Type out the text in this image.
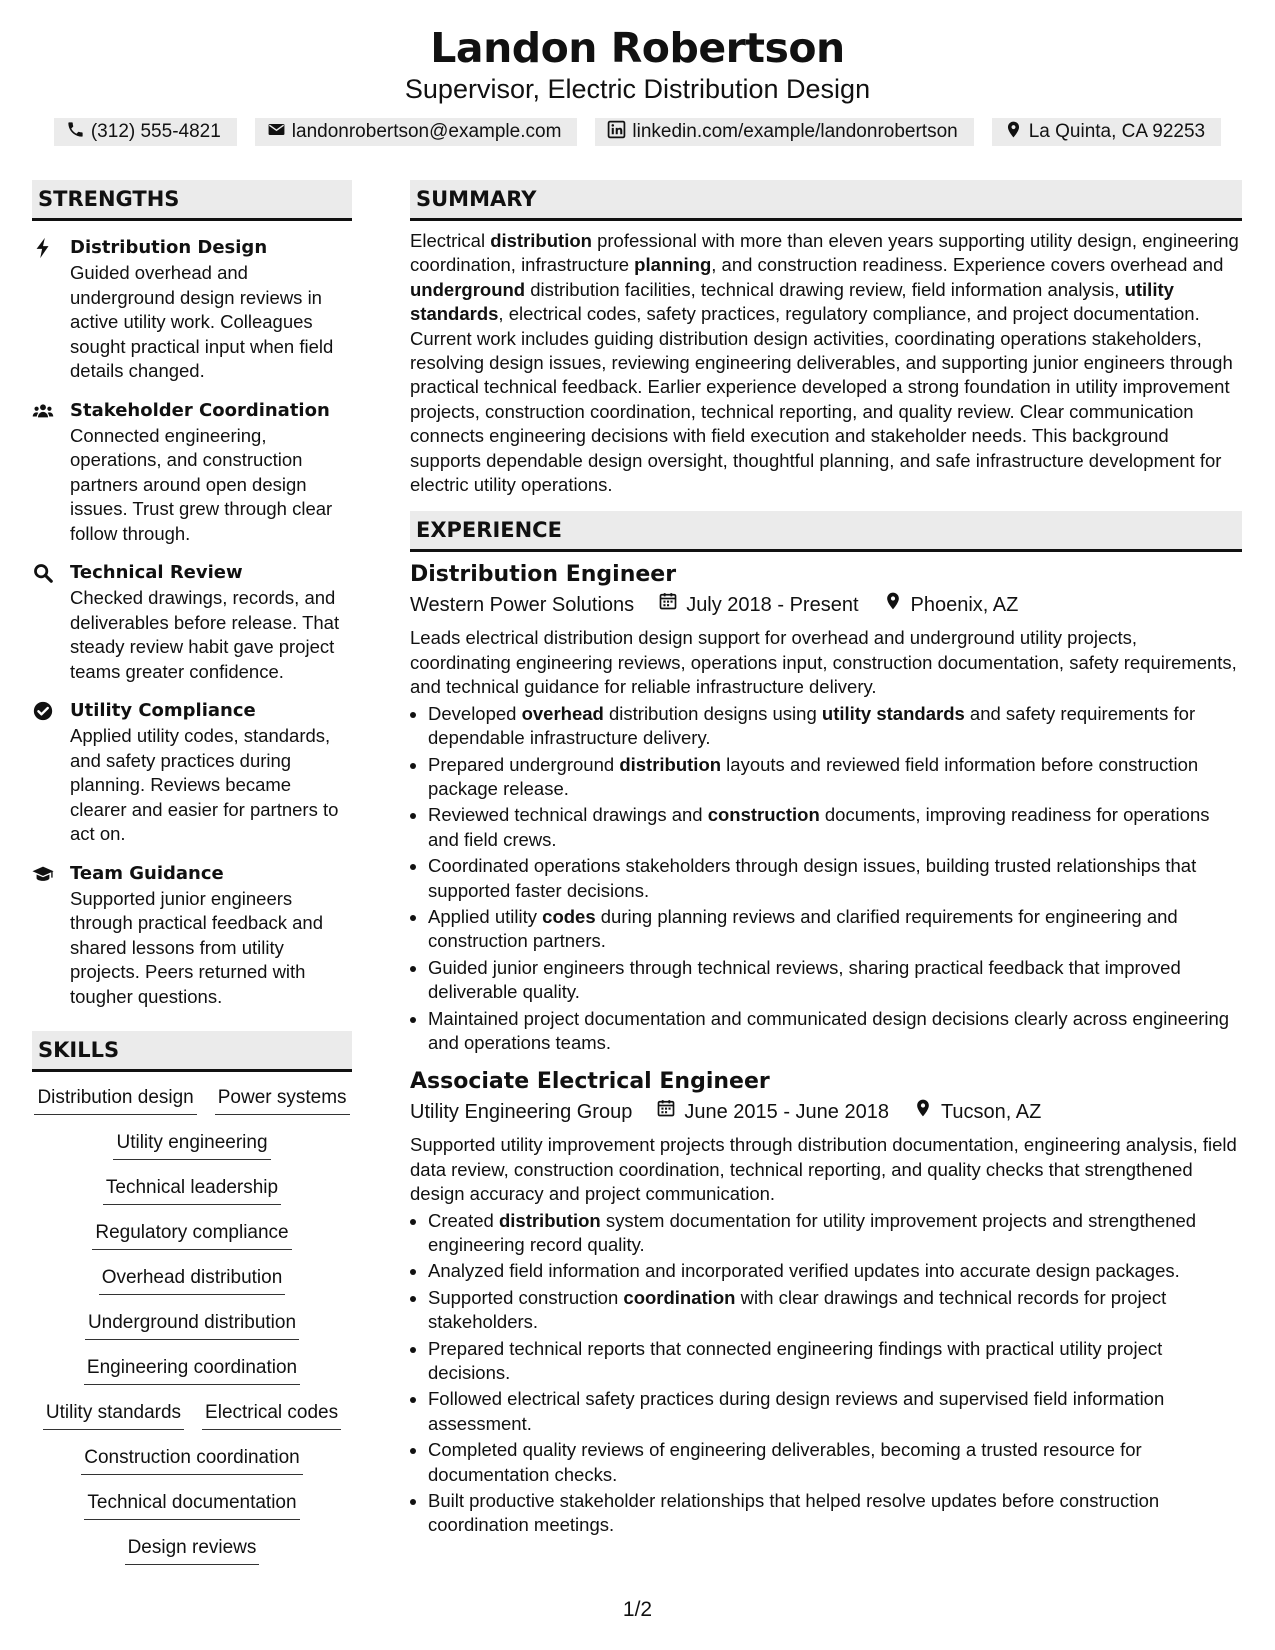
Landon Robertson
Supervisor, Electric Distribution Design
(312) 555-4821	landonrobertson@example.com	linkedin.com/example/landonrobertson	La Quinta, CA 92253
STRENGTHS
Distribution Design
Guided overhead and underground design reviews in active utility work. Colleagues sought practical input when field details changed.
Stakeholder Coordination
Connected engineering, operations, and construction partners around open design issues. Trust grew through clear follow through.
Technical Review
Checked drawings, records, and deliverables before release. That steady review habit gave project teams greater confidence.
Utility Compliance
Applied utility codes, standards, and safety practices during planning. Reviews became clearer and easier for partners to act on.
Team Guidance
Supported junior engineers through practical feedback and shared lessons from utility projects. Peers returned with tougher questions.
SKILLS
Distribution design Power systems
Utility engineering
Technical leadership
Regulatory compliance
Overhead distribution
Underground distribution
Engineering coordination
Utility standards Electrical codes
Construction coordination
Technical documentation
Design reviews
SUMMARY
Electrical distribution professional with more than eleven years supporting utility design, engineering coordination, infrastructure planning, and construction readiness. Experience covers overhead and underground distribution facilities, technical drawing review, field information analysis, utility standards, electrical codes, safety practices, regulatory compliance, and project documentation. Current work includes guiding distribution design activities, coordinating operations stakeholders, resolving design issues, reviewing engineering deliverables, and supporting junior engineers through practical technical feedback. Earlier experience developed a strong foundation in utility improvement projects, construction coordination, technical reporting, and quality review. Clear communication connects engineering decisions with field execution and stakeholder needs. This background supports dependable design oversight, thoughtful planning, and safe infrastructure development for electric utility operations.
EXPERIENCE
Distribution Engineer
Western Power Solutions	July 2018 - Present	Phoenix, AZ
Leads electrical distribution design support for overhead and underground utility projects, coordinating engineering reviews, operations input, construction documentation, safety requirements, and technical guidance for reliable infrastructure delivery.
• Developed overhead distribution designs using utility standards and safety requirements for dependable infrastructure delivery.
• Prepared underground distribution layouts and reviewed field information before construction package release.
• Reviewed technical drawings and construction documents, improving readiness for operations and field crews.
• Coordinated operations stakeholders through design issues, building trusted relationships that supported faster decisions.
• Applied utility codes during planning reviews and clarified requirements for engineering and construction partners.
• Guided junior engineers through technical reviews, sharing practical feedback that improved deliverable quality.
• Maintained project documentation and communicated design decisions clearly across engineering and operations teams.
Associate Electrical Engineer
Utility Engineering Group	June 2015 - June 2018	Tucson, AZ
Supported utility improvement projects through distribution documentation, engineering analysis, field data review, construction coordination, technical reporting, and quality checks that strengthened design accuracy and project communication.
• Created distribution system documentation for utility improvement projects and strengthened engineering record quality.
• Analyzed field information and incorporated verified updates into accurate design packages.
• Supported construction coordination with clear drawings and technical records for project stakeholders.
• Prepared technical reports that connected engineering findings with practical utility project decisions.
• Followed electrical safety practices during design reviews and supervised field information assessment.
• Completed quality reviews of engineering deliverables, becoming a trusted resource for documentation checks.
• Built productive stakeholder relationships that helped resolve updates before construction coordination meetings.
1/2
